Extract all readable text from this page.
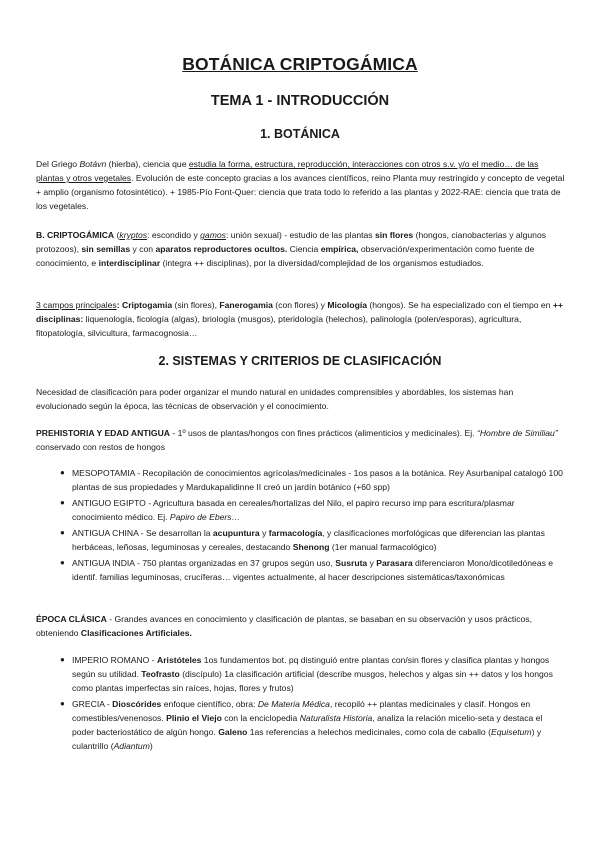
BOTÁNICA CRIPTOGÁMICA
TEMA 1 - INTRODUCCIÓN
1. BOTÁNICA

Del Griego Botávn (hierba), ciencia que estudia la forma, estructura, reproducción, interacciones con otros s.v. y/o el medio… de las plantas y otros vegetales. Evolución de este concepto gracias a los avances científicos, reino Planta muy restringido y concepto de vegetal + amplio (organismo fotosintético). + 1985-Pío Font-Quer: ciencia que trata todo lo referido a las plantas y 2022-RAE: ciencia que trata de los vegetales.

B. CRIPTOGÁMICA (kryptos: escondido y gamos: unión sexual) - estudio de las plantas sin flores (hongos, cianobacterias y algunos protozoos), sin semillas y con aparatos reproductores ocultos. Ciencia empírica, observación/experimentación como fuente de conocimiento, e interdisciplinar (integra ++ disciplinas), por la diversidad/complejidad de los organismos estudiados.

3 campos principales: Criptogamia (sin flores), Fanerogamia (con flores) y Micología (hongos). Se ha especializado con el tiempo en ++ disciplinas: liquenología, ficología (algas), briología (musgos), pteridología (helechos), palinología (polen/esporas), agricultura, fitopatología, silvicultura, farmacognosia…

2. SISTEMAS Y CRITERIOS DE CLASIFICACIÓN

Necesidad de clasificación para poder organizar el mundo natural en unidades comprensibles y abordables, los sistemas han evolucionado según la época, las técnicas de observación y el conocimiento.

PREHISTORIA Y EDAD ANTIGUA - 1º usos de plantas/hongos con fines prácticos (alimenticios y medicinales). Ej. “Hombre de Similiau” conservado con restos de hongos

● MESOPOTAMIA - Recopilación de conocimientos agrícolas/medicinales - 1os pasos a la botánica. Rey Asurbanipal catalogó 100 plantas de sus propiedades y Mardukapalidinne II creó un jardín botánico (+60 spp)
● ANTIGUO EGIPTO - Agricultura basada en cereales/hortalizas del Nilo, el papiro recurso imp para escritura/plasmar conocimiento médico. Ej. Papiro de Ebers…
● ANTIGUA CHINA - Se desarrollan la acupuntura y farmacología, y clasificaciones morfológicas que diferencian las plantas herbáceas, leñosas, leguminosas y cereales, destacando Shenong (1er manual farmacológico)
● ANTIGUA INDIA - 750 plantas organizadas en 37 grupos según uso, Susruta y Parasara diferenciaron Mono/dicotiledóneas e identif. familias leguminosas, crucíferas… vigentes actualmente, al hacer descripciones sistemáticas/taxonómicas

ÉPOCA CLÁSICA - Grandes avances en conocimiento y clasificación de plantas, se basaban en su observación y usos prácticos, obteniendo Clasificaciones Artificiales.

● IMPERIO ROMANO - Aristóteles 1os fundamentos bot. pq distinguió entre plantas con/sin flores y clasifica plantas y hongos según su utilidad. Teofrasto (discípulo) 1a clasificación artificial (describe musgos, helechos y algas sin ++ datos y los hongos como plantas imperfectas sin raíces, hojas, flores y frutos)
● GRECIA - Dioscórides enfoque científico, obra: De Materia Médica, recopiló ++ plantas medicinales y clasif. Hongos en comestibles/venenosos. Plinio el Viejo con la enciclopedia Naturalista Historia, analiza la relación micelio-seta y destaca el poder bacteriostático de algún hongo. Galeno 1as referencias a helechos medicinales, como cola de caballo (Equisetum) y culantrillo (Adiantum)
